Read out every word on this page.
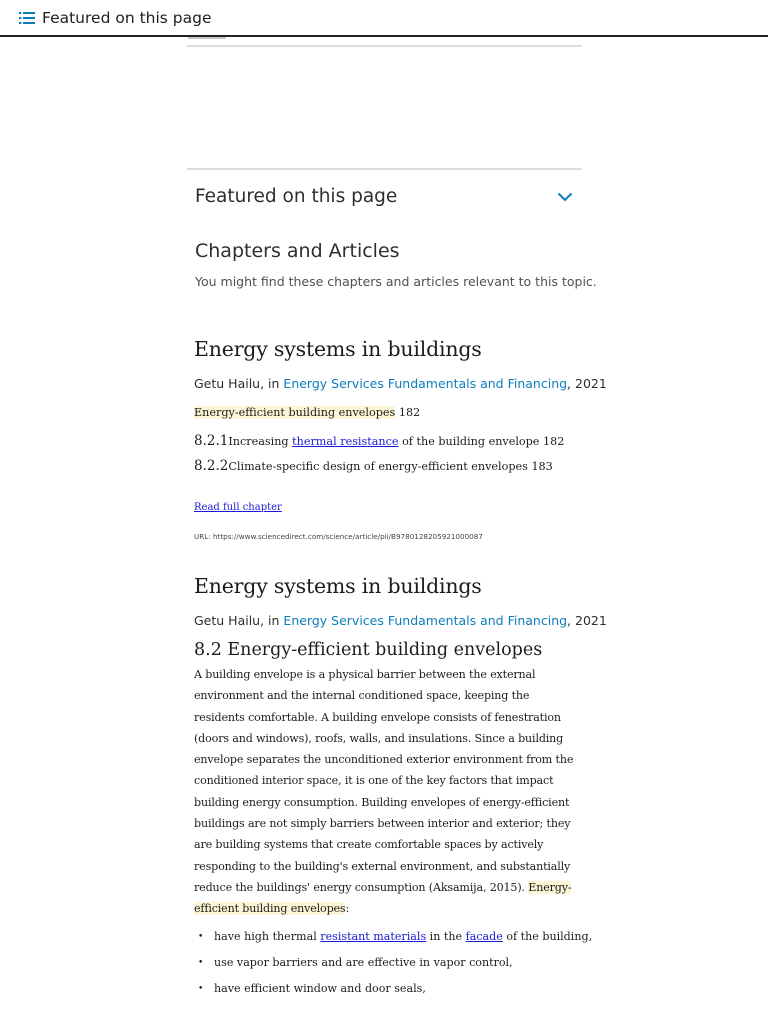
Featured on this page
Featured on this page
Chapters and Articles
You might find these chapters and articles relevant to this topic.
Energy systems in buildings
Getu Hailu, in Energy Services Fundamentals and Financing, 2021
Energy-efficient building envelopes 182
8.2.1Increasing thermal resistance of the building envelope 182
8.2.2Climate-specific design of energy-efficient envelopes 183
Read full chapter
URL: https://www.sciencedirect.com/science/article/pii/B9780128205921000087
Energy systems in buildings
Getu Hailu, in Energy Services Fundamentals and Financing, 2021
8.2 Energy-efficient building envelopes
A building envelope is a physical barrier between the external environment and the internal conditioned space, keeping the residents comfortable. A building envelope consists of fenestration (doors and windows), roofs, walls, and insulations. Since a building envelope separates the unconditioned exterior environment from the conditioned interior space, it is one of the key factors that impact building energy consumption. Building envelopes of energy-efficient buildings are not simply barriers between interior and exterior; they are building systems that create comfortable spaces by actively responding to the building's external environment, and substantially reduce the buildings' energy consumption (Aksamija, 2015). Energy-efficient building envelopes:
• have high thermal resistant materials in the facade of the building,
• use vapor barriers and are effective in vapor control,
• have efficient window and door seals,
